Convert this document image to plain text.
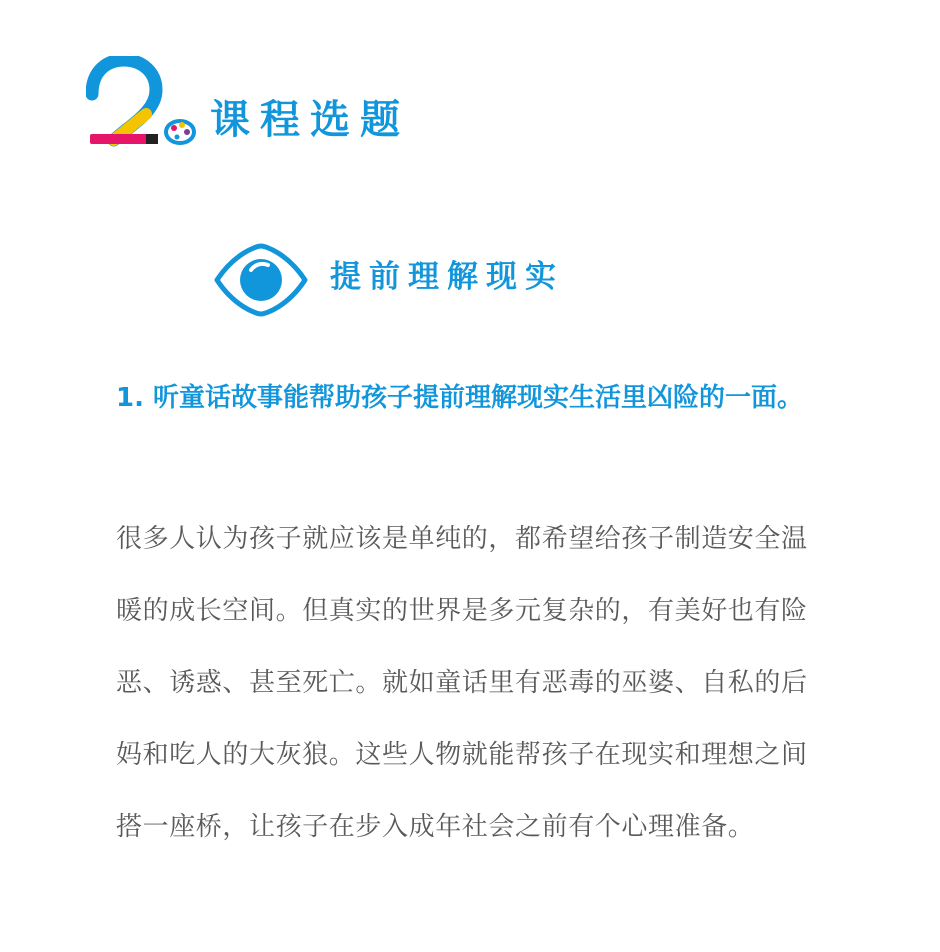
课程选题
提前理解现实

1. 听童话故事能帮助孩子提前理解现实生活里凶险的一面。

很多人认为孩子就应该是单纯的，都希望给孩子制造安全温暖的成长空间。但真实的世界是多元复杂的，有美好也有险恶、诱惑、甚至死亡。就如童话里有恶毒的巫婆、自私的后妈和吃人的大灰狼。这些人物就能帮孩子在现实和理想之间搭一座桥，让孩子在步入成年社会之前有个心理准备。
